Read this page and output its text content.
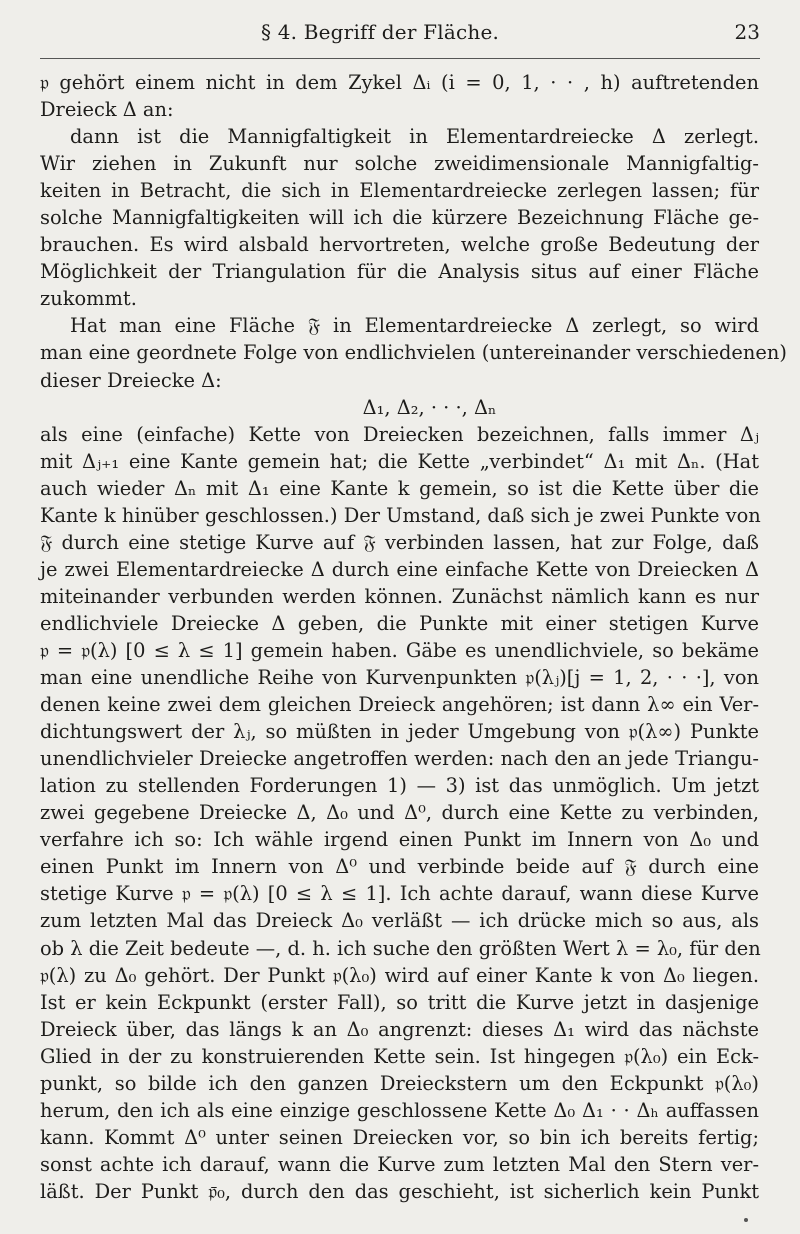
§ 4. Begriff der Fläche.	23
𝔭 gehört einem nicht in dem Zykel Δᵢ (i = 0, 1, · · , h) auftretenden
Dreieck Δ an:
dann ist die Mannigfaltigkeit in Elementardreiecke Δ zerlegt.
Wir ziehen in Zukunft nur solche zweidimensionale Mannigfaltig-
keiten in Betracht, die sich in Elementardreiecke zerlegen lassen; für
solche Mannigfaltigkeiten will ich die kürzere Bezeichnung Fläche ge-
brauchen. Es wird alsbald hervortreten, welche große Bedeutung der
Möglichkeit der Triangulation für die Analysis situs auf einer Fläche
zukommt.
Hat man eine Fläche 𝔉 in Elementardreiecke Δ zerlegt, so wird
man eine geordnete Folge von endlichvielen (untereinander verschiedenen)
dieser Dreiecke Δ:
Δ₁, Δ₂, · · ·, Δₙ
als eine (einfache) Kette von Dreiecken bezeichnen, falls immer Δⱼ
mit Δⱼ₊₁ eine Kante gemein hat; die Kette „verbindet“ Δ₁ mit Δₙ. (Hat
auch wieder Δₙ mit Δ₁ eine Kante k gemein, so ist die Kette über die
Kante k hinüber geschlossen.) Der Umstand, daß sich je zwei Punkte von
𝔉 durch eine stetige Kurve auf 𝔉 verbinden lassen, hat zur Folge, daß
je zwei Elementardreiecke Δ durch eine einfache Kette von Dreiecken Δ
miteinander verbunden werden können. Zunächst nämlich kann es nur
endlichviele Dreiecke Δ geben, die Punkte mit einer stetigen Kurve
𝔭 = 𝔭(λ) [0 ≤ λ ≤ 1] gemein haben. Gäbe es unendlichviele, so bekäme
man eine unendliche Reihe von Kurvenpunkten 𝔭(λⱼ)[j = 1, 2, · · ·], von
denen keine zwei dem gleichen Dreieck angehören; ist dann λ∞ ein Ver-
dichtungswert der λⱼ, so müßten in jeder Umgebung von 𝔭(λ∞) Punkte
unendlichvieler Dreiecke angetroffen werden: nach den an jede Triangu-
lation zu stellenden Forderungen 1) — 3) ist das unmöglich. Um jetzt
zwei gegebene Dreiecke Δ, Δ₀ und Δ⁰, durch eine Kette zu verbinden,
verfahre ich so: Ich wähle irgend einen Punkt im Innern von Δ₀ und
einen Punkt im Innern von Δ⁰ und verbinde beide auf 𝔉 durch eine
stetige Kurve 𝔭 = 𝔭(λ) [0 ≤ λ ≤ 1]. Ich achte darauf, wann diese Kurve
zum letzten Mal das Dreieck Δ₀ verläßt — ich drücke mich so aus, als
ob λ die Zeit bedeute —, d. h. ich suche den größten Wert λ = λ₀, für den
𝔭(λ) zu Δ₀ gehört. Der Punkt 𝔭(λ₀) wird auf einer Kante k von Δ₀ liegen.
Ist er kein Eckpunkt (erster Fall), so tritt die Kurve jetzt in dasjenige
Dreieck über, das längs k an Δ₀ angrenzt: dieses Δ₁ wird das nächste
Glied in der zu konstruierenden Kette sein. Ist hingegen 𝔭(λ₀) ein Eck-
punkt, so bilde ich den ganzen Dreieckstern um den Eckpunkt 𝔭(λ₀)
herum, den ich als eine einzige geschlossene Kette Δ₀ Δ₁ · · Δₕ auffassen
kann. Kommt Δ⁰ unter seinen Dreiecken vor, so bin ich bereits fertig;
sonst achte ich darauf, wann die Kurve zum letzten Mal den Stern ver-
läßt. Der Punkt 𝔭̄₀, durch den das geschieht, ist sicherlich kein Punkt
